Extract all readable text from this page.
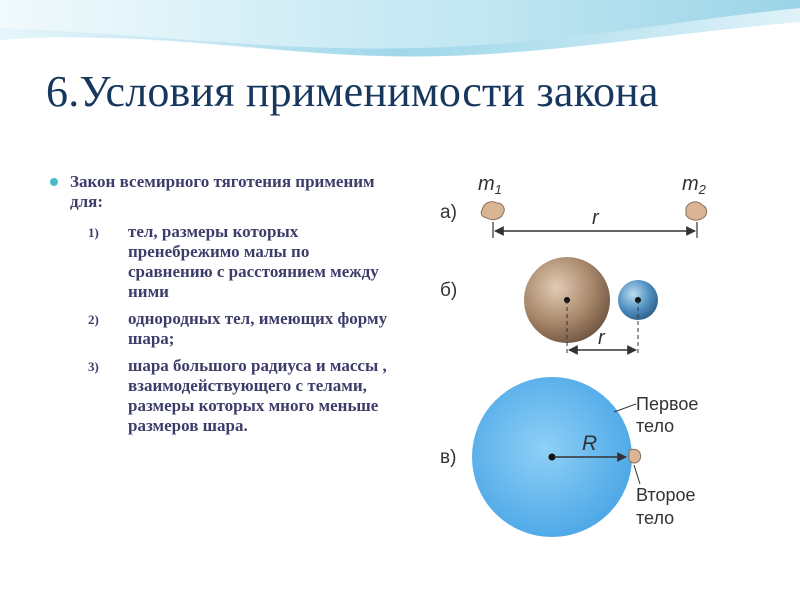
6.Условия применимости закона
Закон всемирного тяготения применим для:
1) тел, размеры которых пренебрежимо малы по сравнению с расстоянием между ними
2) однородных тел, имеющих форму шара;
3) шара большого радиуса и массы , взаимодействующего с телами, размеры которых много меньше размеров шара.
а)
$m_1$	$m_2$
r
б)
r
в)
R
Первое тело
Второе тело
